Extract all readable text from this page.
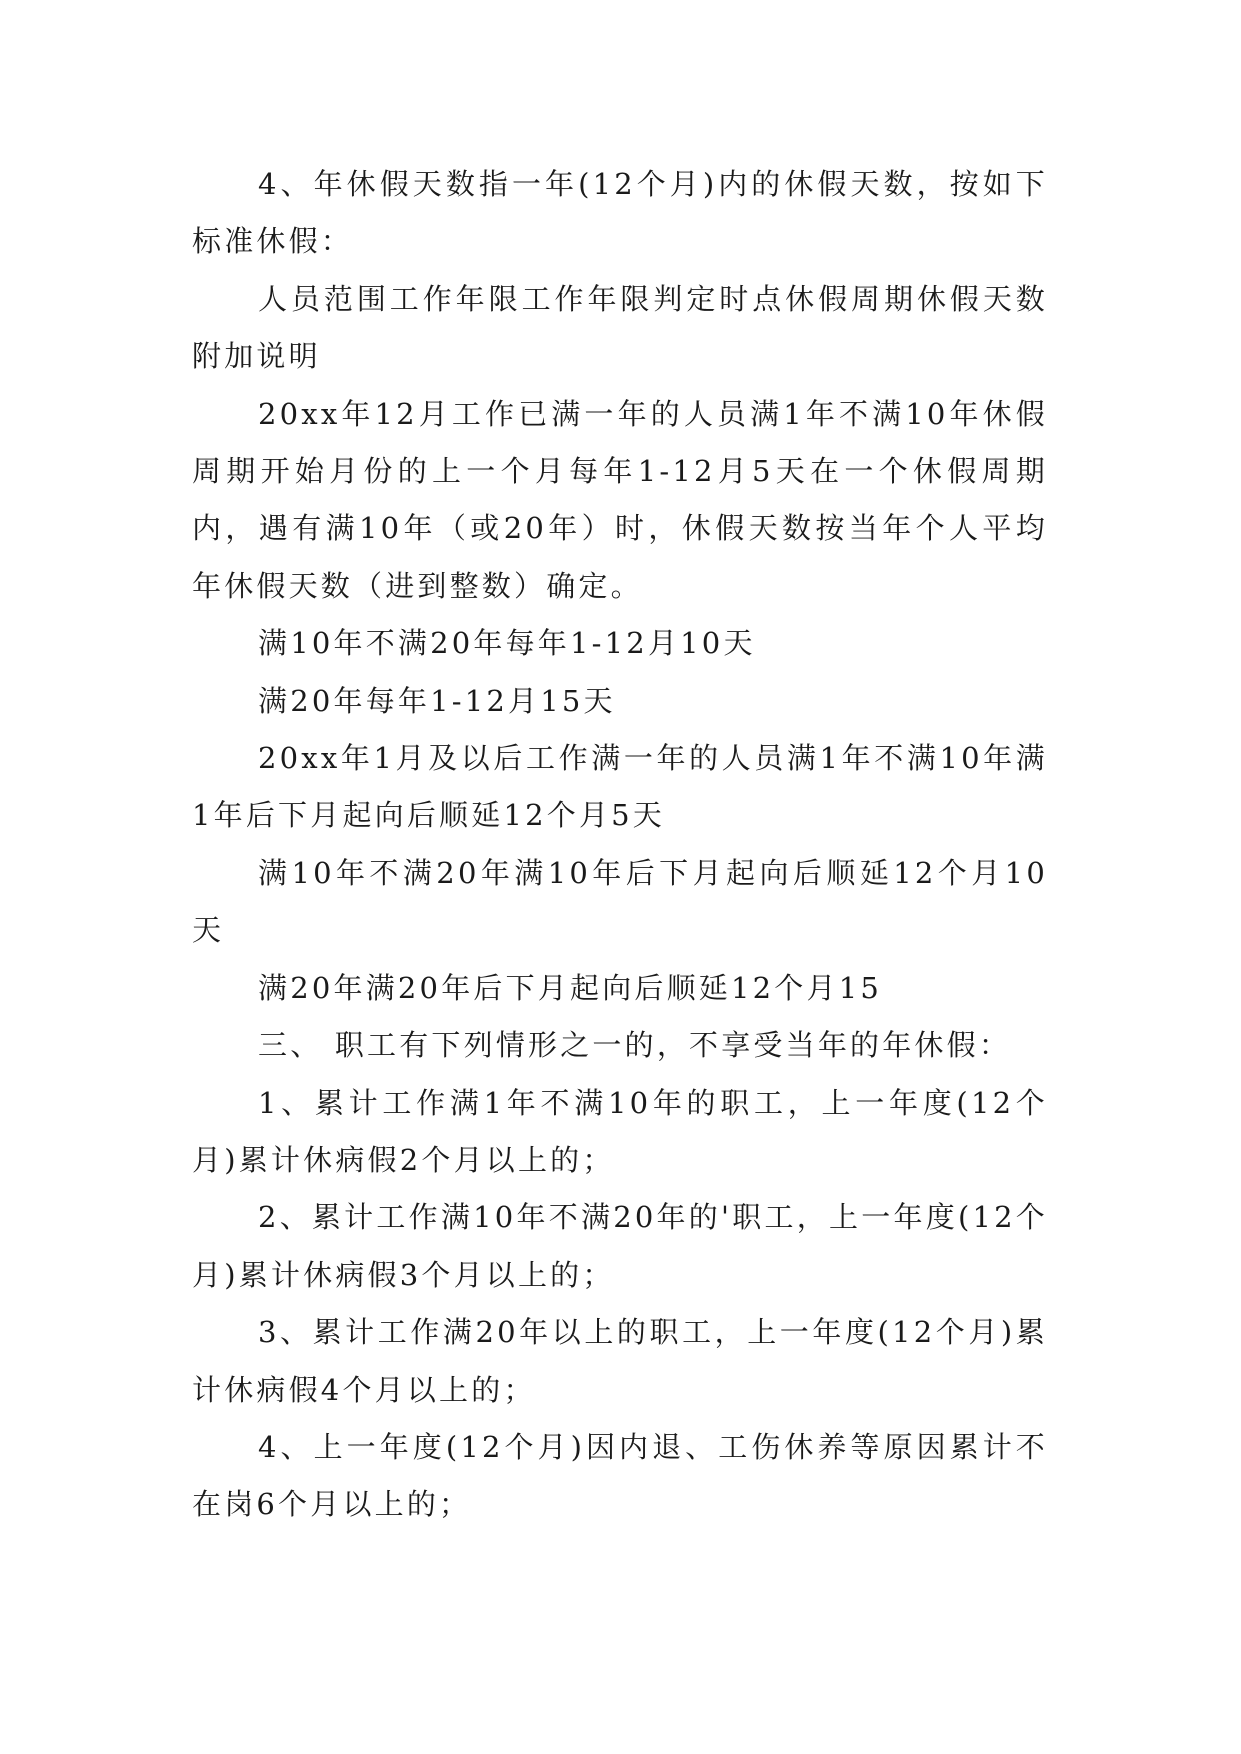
4、年休假天数指一年(12个月)内的休假天数，按如下标准休假：

人员范围工作年限工作年限判定时点休假周期休假天数附加说明

20xx年12月工作已满一年的人员满1年不满10年休假周期开始月份的上一个月每年1-12月5天在一个休假周期内，遇有满10年（或20年）时，休假天数按当年个人平均年休假天数（进到整数）确定。

满10年不满20年每年1-12月10天

满20年每年1-12月15天

20xx年1月及以后工作满一年的人员满1年不满10年满1年后下月起向后顺延12个月5天

满10年不满20年满10年后下月起向后顺延12个月10天

满20年满20年后下月起向后顺延12个月15

三、 职工有下列情形之一的，不享受当年的年休假：

1、累计工作满1年不满10年的职工，上一年度(12个月)累计休病假2个月以上的；

2、累计工作满10年不满20年的'职工，上一年度(12个月)累计休病假3个月以上的；

3、累计工作满20年以上的职工，上一年度(12个月)累计休病假4个月以上的；

4、上一年度(12个月)因内退、工伤休养等原因累计不在岗6个月以上的；
